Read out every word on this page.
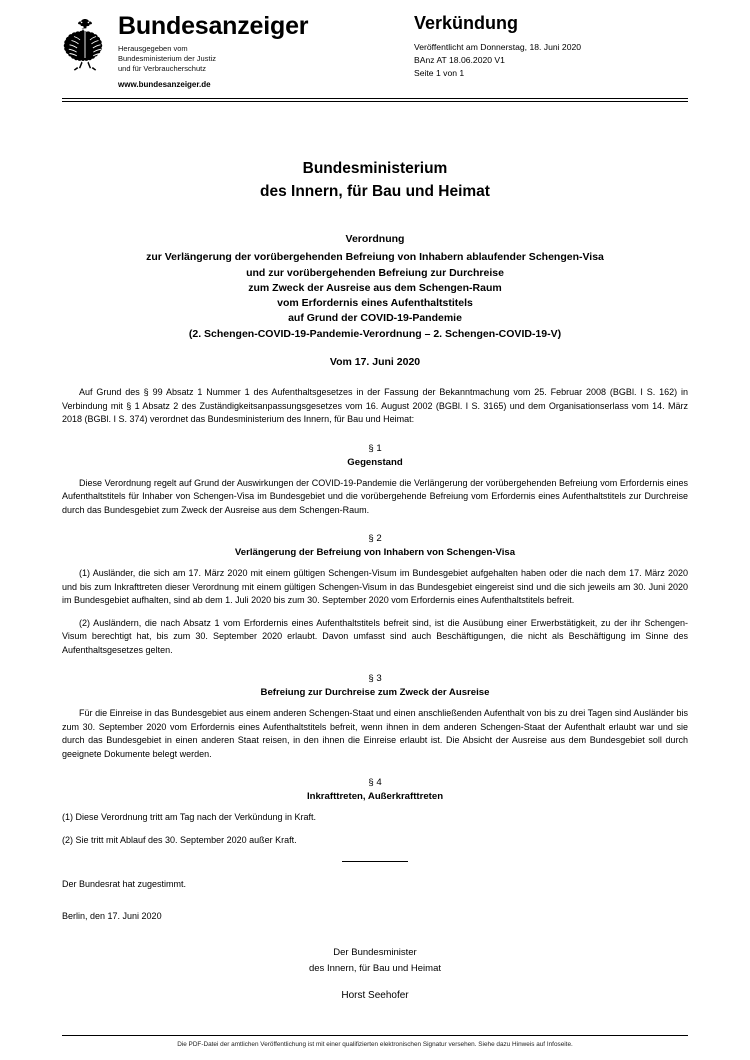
Bundesanzeiger
Herausgegeben vom
Bundesministerium der Justiz
und für Verbraucherschutz
www.bundesanzeiger.de
Verkündung
Veröffentlicht am Donnerstag, 18. Juni 2020
BAnz AT 18.06.2020 V1
Seite 1 von 1
Bundesministerium
des Innern, für Bau und Heimat
Verordnung
zur Verlängerung der vorübergehenden Befreiung von Inhabern ablaufender Schengen-Visa
und zur vorübergehenden Befreiung zur Durchreise
zum Zweck der Ausreise aus dem Schengen-Raum
vom Erfordernis eines Aufenthaltstitels
auf Grund der COVID-19-Pandemie
(2. Schengen-COVID-19-Pandemie-Verordnung – 2. Schengen-COVID-19-V)
Vom 17. Juni 2020

Auf Grund des § 99 Absatz 1 Nummer 1 des Aufenthaltsgesetzes in der Fassung der Bekanntmachung vom 25. Februar 2008 (BGBl. I S. 162) in Verbindung mit § 1 Absatz 2 des Zuständigkeitsanpassungsgesetzes vom 16. August 2002 (BGBl. I S. 3165) und dem Organisationserlass vom 14. März 2018 (BGBl. I S. 374) verordnet das Bundesministerium des Innern, für Bau und Heimat:

§ 1
Gegenstand

Diese Verordnung regelt auf Grund der Auswirkungen der COVID-19-Pandemie die Verlängerung der vorübergehenden Befreiung vom Erfordernis eines Aufenthaltstitels für Inhaber von Schengen-Visa im Bundesgebiet und die vorübergehende Befreiung vom Erfordernis eines Aufenthaltstitels zur Durchreise durch das Bundesgebiet zum Zweck der Ausreise aus dem Schengen-Raum.

§ 2
Verlängerung der Befreiung von Inhabern von Schengen-Visa

(1) Ausländer, die sich am 17. März 2020 mit einem gültigen Schengen-Visum im Bundesgebiet aufgehalten haben oder die nach dem 17. März 2020 und bis zum Inkrafttreten dieser Verordnung mit einem gültigen Schengen-Visum in das Bundesgebiet eingereist sind und die sich jeweils am 30. Juni 2020 im Bundesgebiet aufhalten, sind ab dem 1. Juli 2020 bis zum 30. September 2020 vom Erfordernis eines Aufenthaltstitels befreit.

(2) Ausländern, die nach Absatz 1 vom Erfordernis eines Aufenthaltstitels befreit sind, ist die Ausübung einer Erwerbstätigkeit, zu der ihr Schengen-Visum berechtigt hat, bis zum 30. September 2020 erlaubt. Davon umfasst sind auch Beschäftigungen, die nicht als Beschäftigung im Sinne des Aufenthaltsgesetzes gelten.

§ 3
Befreiung zur Durchreise zum Zweck der Ausreise

Für die Einreise in das Bundesgebiet aus einem anderen Schengen-Staat und einen anschließenden Aufenthalt von bis zu drei Tagen sind Ausländer bis zum 30. September 2020 vom Erfordernis eines Aufenthaltstitels befreit, wenn ihnen in dem anderen Schengen-Staat der Aufenthalt erlaubt war und sie durch das Bundesgebiet in einen anderen Staat reisen, in den ihnen die Einreise erlaubt ist. Die Absicht der Ausreise aus dem Bundesgebiet soll durch geeignete Dokumente belegt werden.

§ 4
Inkrafttreten, Außerkrafttreten

(1) Diese Verordnung tritt am Tag nach der Verkündung in Kraft.

(2) Sie tritt mit Ablauf des 30. September 2020 außer Kraft.

Der Bundesrat hat zugestimmt.
Berlin, den 17. Juni 2020
Der Bundesminister
des Innern, für Bau und Heimat
Horst Seehofer
Die PDF-Datei der amtlichen Veröffentlichung ist mit einer qualifizierten elektronischen Signatur versehen. Siehe dazu Hinweis auf Infoseite.
